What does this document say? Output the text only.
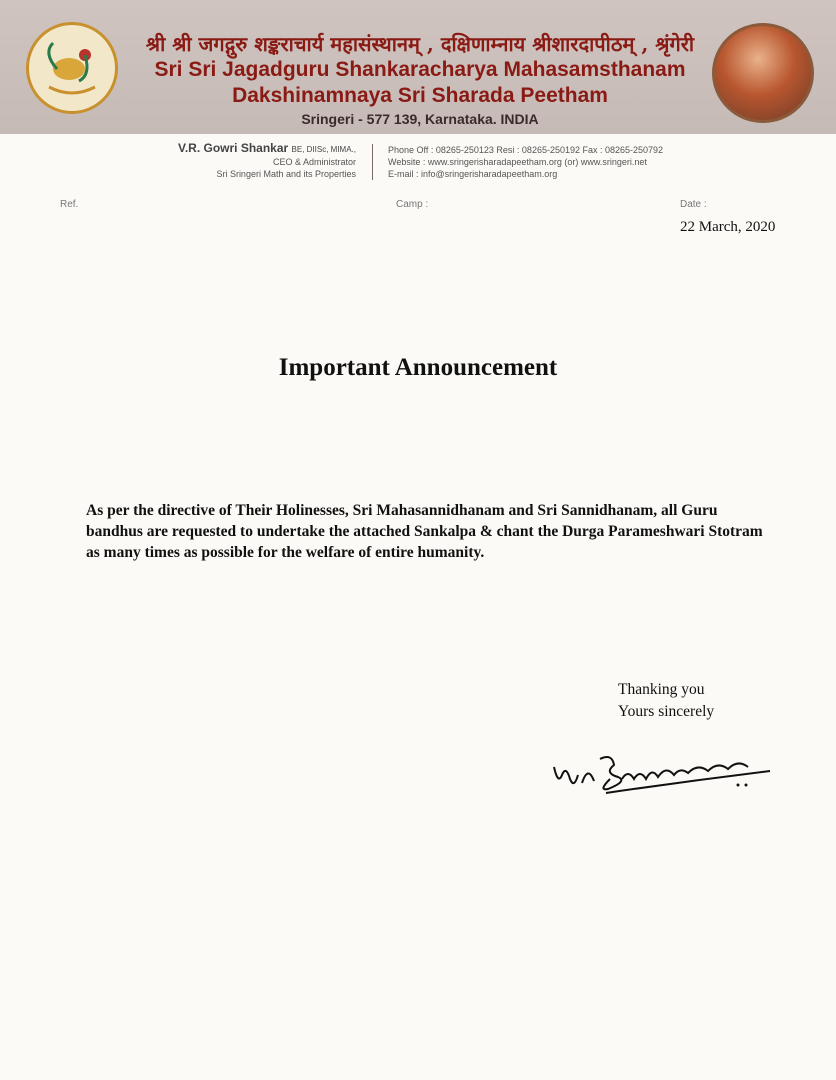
श्री श्री जगद्गुरु शङ्कराचार्य महासंस्थानम् , दक्षिणाम्नाय श्रीशारदापीठम् , श्रृंगेरी
Sri Sri Jagadguru Shankaracharya Mahasamsthanam
Dakshinamnaya Sri Sharada Peetham
Sringeri - 577 139, Karnataka. INDIA
V.R. Gowri Shankar BE, DIISc, MIMA.,
CEO & Administrator
Sri Sringeri Math and its Properties
Phone Off : 08265-250123 Resi : 08265-250192 Fax : 08265-250792
Website : www.sringerisharadapeetham.org (or) www.sringeri.net
E-mail : info@sringerisharadapeetham.org
Ref.	Camp :	Date :
22 March, 2020
Important Announcement
As per the directive of Their Holinesses, Sri Mahasannidhanam and Sri Sannidhanam, all Guru bandhus are requested to undertake the attached Sankalpa & chant the Durga Parameshwari Stotram as many times as possible for the welfare of entire humanity.
Thanking you
Yours sincerely
